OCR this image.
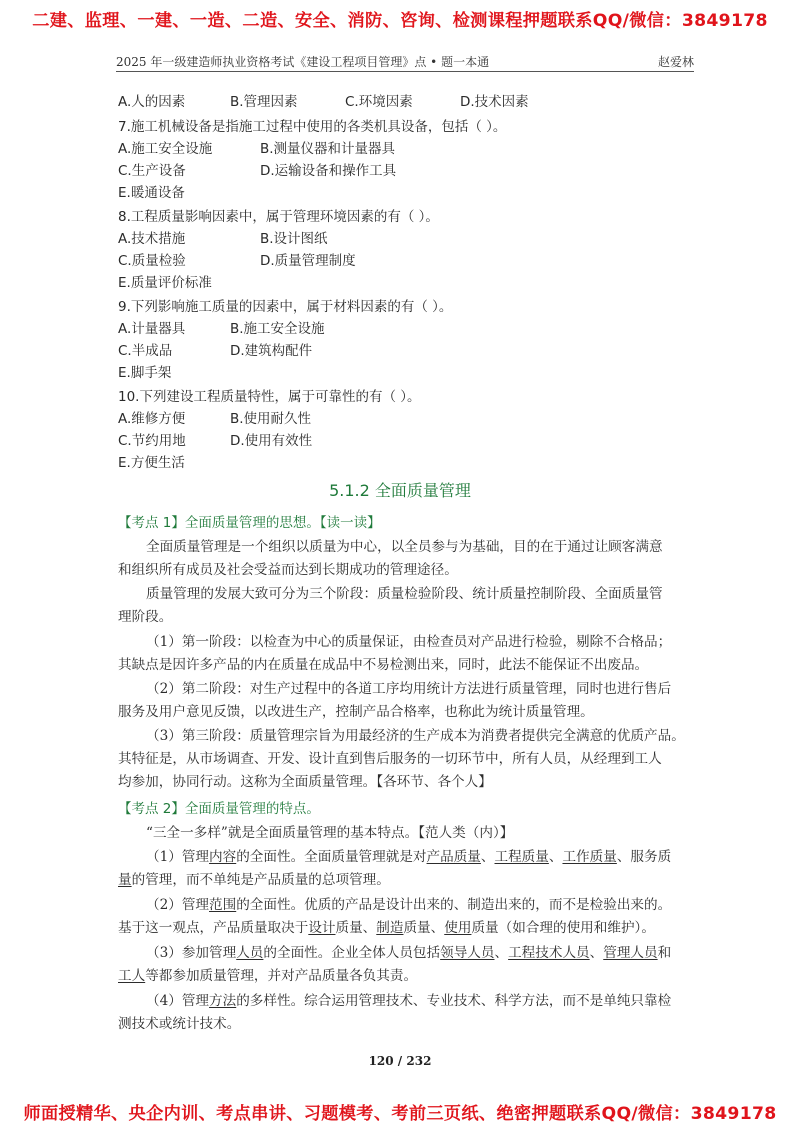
二建、监理、一建、一造、二造、安全、消防、咨询、检测课程押题联系QQ/微信：3849178
2025 年一级建造师执业资格考试《建设工程项目管理》点 • 题一本通	赵爱林
A.人的因素	B.管理因素	C.环境因素	D.技术因素
7.施工机械设备是指施工过程中使用的各类机具设备，包括（ ）。
A.施工安全设施	B.测量仪器和计量器具
C.生产设备	D.运输设备和操作工具
E.暖通设备
8.工程质量影响因素中，属于管理环境因素的有（ ）。
A.技术措施	B.设计图纸
C.质量检验	D.质量管理制度
E.质量评价标准
9.下列影响施工质量的因素中，属于材料因素的有（ ）。
A.计量器具	B.施工安全设施
C.半成品	D.建筑构配件
E.脚手架
10.下列建设工程质量特性，属于可靠性的有（ ）。
A.维修方便	B.使用耐久性
C.节约用地	D.使用有效性
E.方便生活
5.1.2 全面质量管理
【考点 1】全面质量管理的思想。【读一读】
全面质量管理是一个组织以质量为中心，以全员参与为基础，目的在于通过让顾客满意
和组织所有成员及社会受益而达到长期成功的管理途径。
质量管理的发展大致可分为三个阶段：质量检验阶段、统计质量控制阶段、全面质量管
理阶段。
（1）第一阶段：以检查为中心的质量保证，由检查员对产品进行检验，剔除不合格品；
其缺点是因许多产品的内在质量在成品中不易检测出来，同时，此法不能保证不出废品。
（2）第二阶段：对生产过程中的各道工序均用统计方法进行质量管理，同时也进行售后
服务及用户意见反馈，以改进生产，控制产品合格率，也称此为统计质量管理。
（3）第三阶段：质量管理宗旨为用最经济的生产成本为消费者提供完全满意的优质产品。
其特征是，从市场调查、开发、设计直到售后服务的一切环节中，所有人员，从经理到工人
均参加，协同行动。这称为全面质量管理。【各环节、各个人】
【考点 2】全面质量管理的特点。
“三全一多样”就是全面质量管理的基本特点。【范人类（内）】
（1）管理内容的全面性。全面质量管理就是对产品质量、工程质量、工作质量、服务质
量的管理，而不单纯是产品质量的总项管理。
（2）管理范围的全面性。优质的产品是设计出来的、制造出来的，而不是检验出来的。
基于这一观点，产品质量取决于设计质量、制造质量、使用质量（如合理的使用和维护）。
（3）参加管理人员的全面性。企业全体人员包括领导人员、工程技术人员、管理人员和
工人等都参加质量管理，并对产品质量各负其责。
（4）管理方法的多样性。综合运用管理技术、专业技术、科学方法，而不是单纯只靠检
测技术或统计技术。
120 / 232
师面授精华、央企内训、考点串讲、习题模考、考前三页纸、绝密押题联系QQ/微信：3849178
